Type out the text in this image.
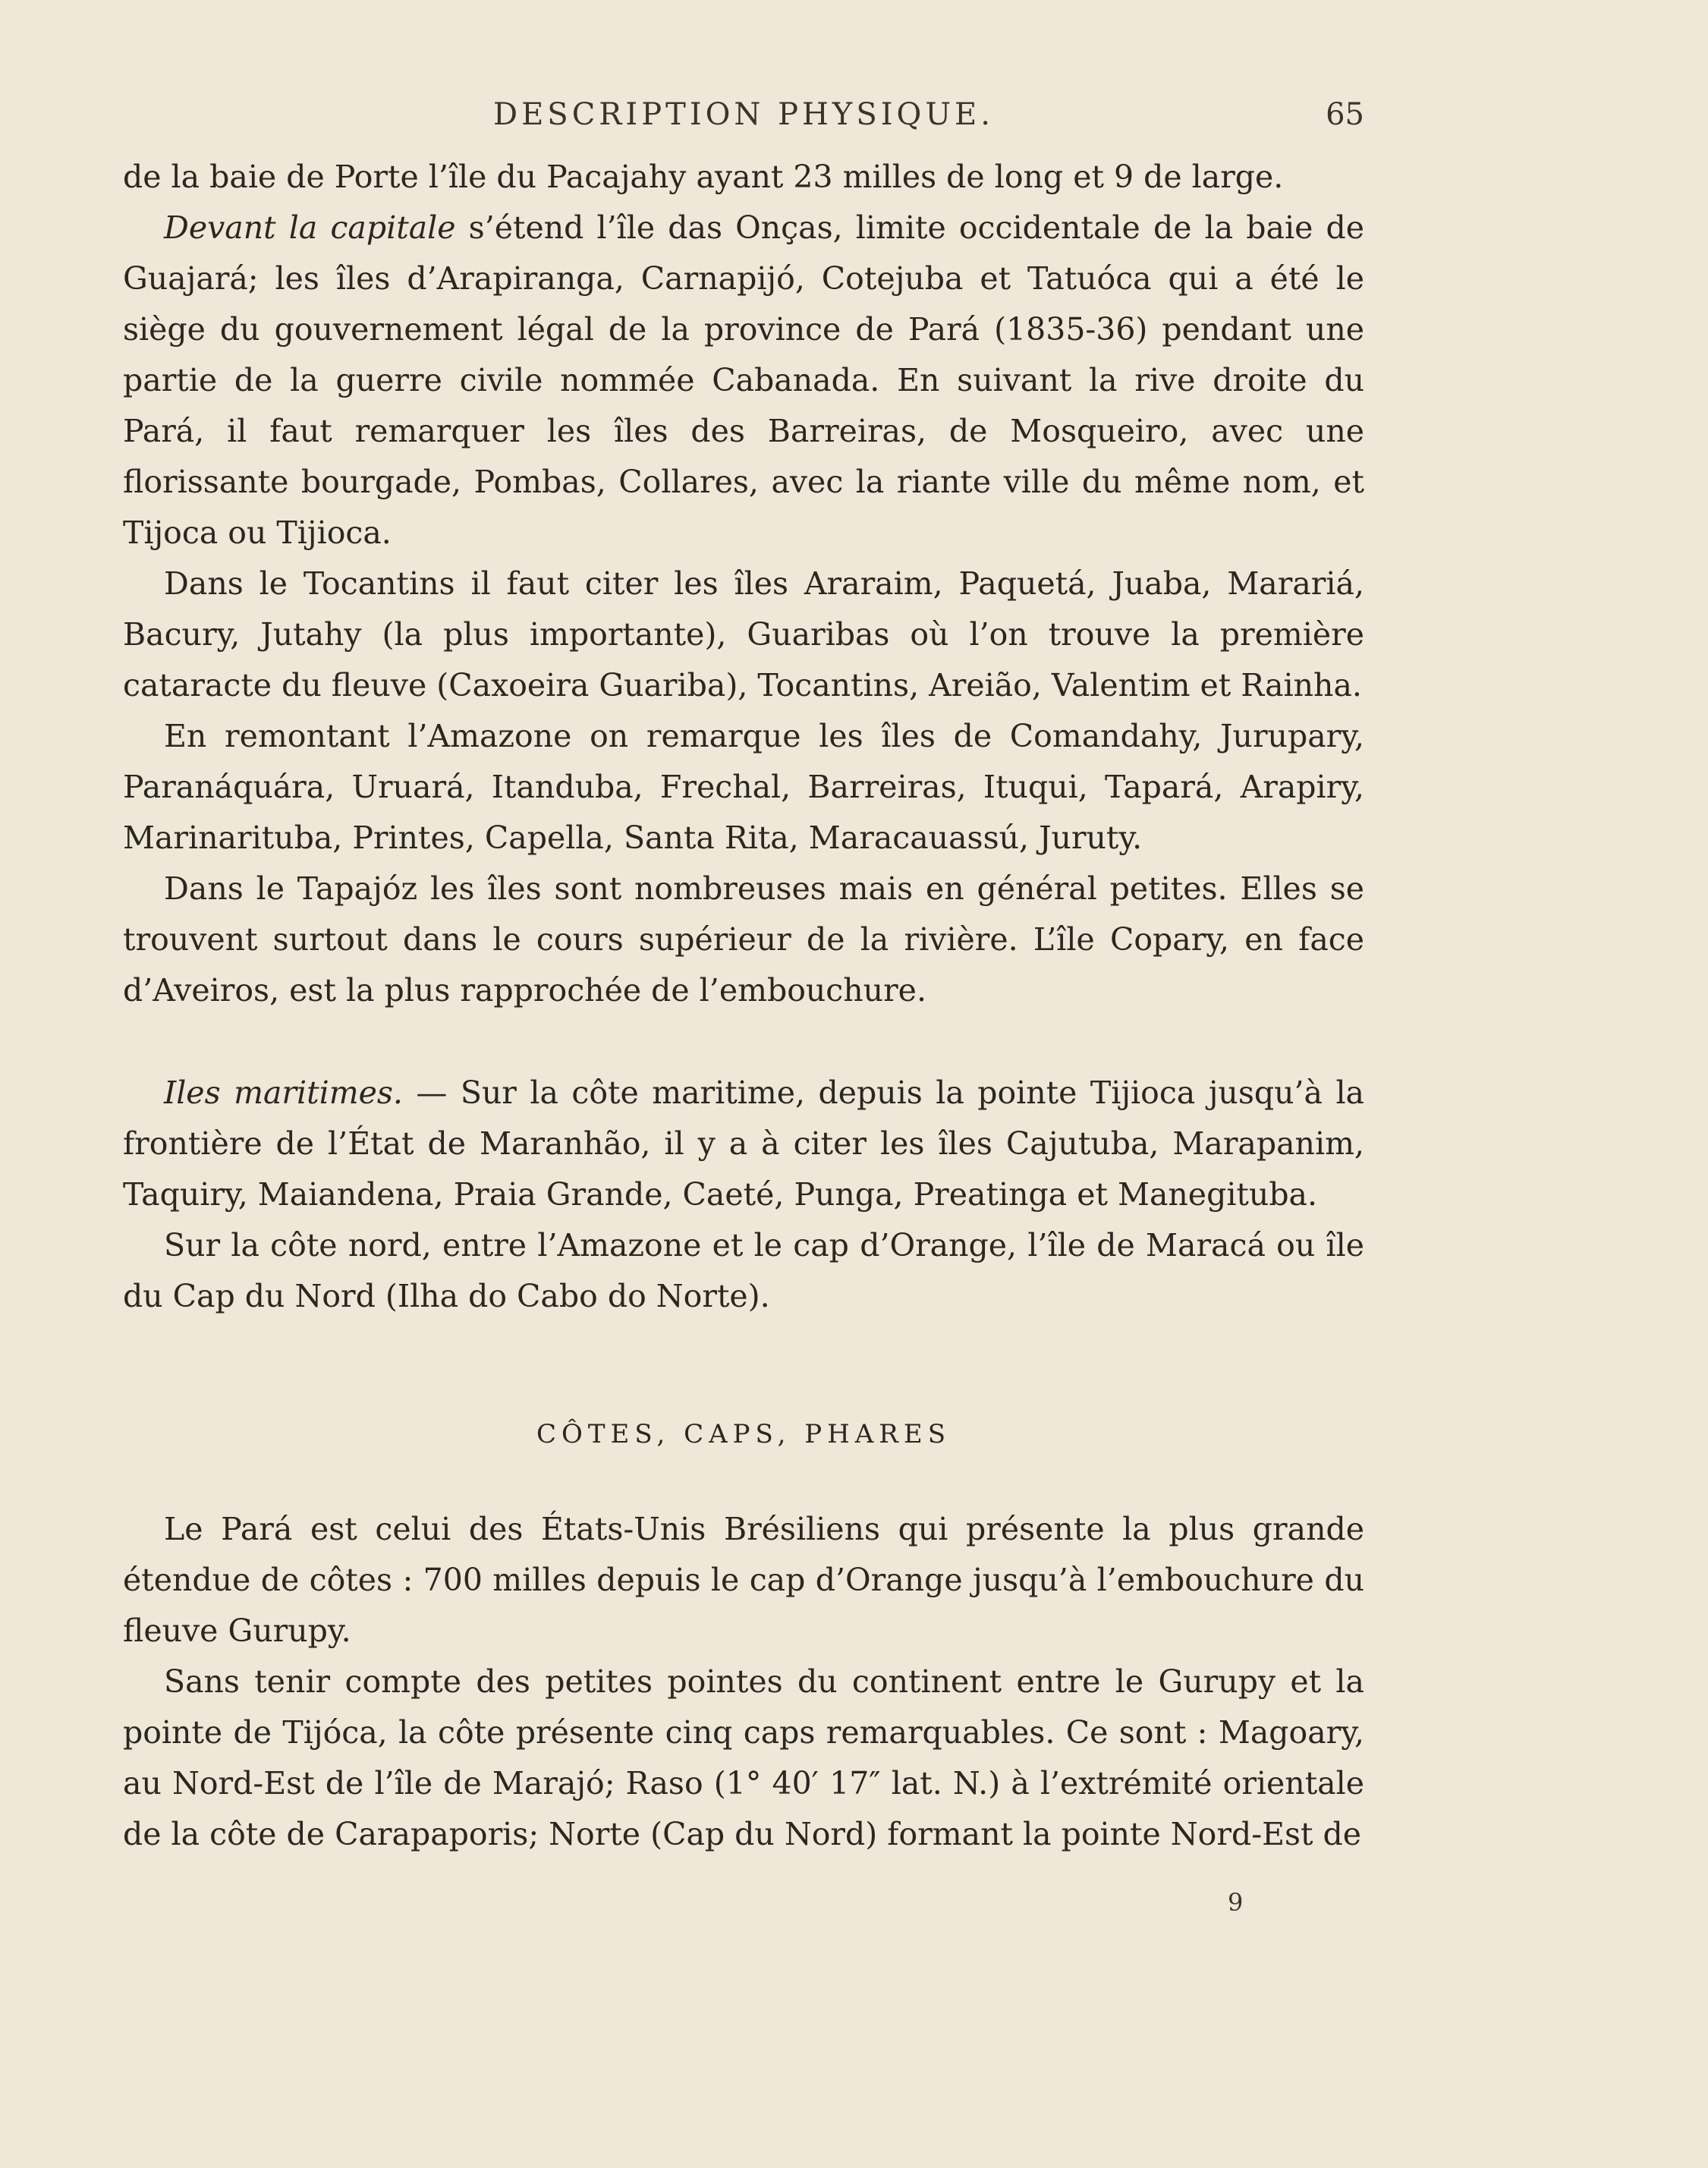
DESCRIPTION PHYSIQUE.	65

de la baie de Porte l’île du Pacajahy ayant 23 milles de long et 9 de large.

Devant la capitale s’étend l’île das Onças, limite occidentale de la baie de Guajará; les îles d’Arapiranga, Carnapijó, Cotejuba et Tatuóca qui a été le siège du gouvernement légal de la province de Pará (1835-36) pendant une partie de la guerre civile nommée Cabanada. En suivant la rive droite du Pará, il faut remarquer les îles des Barreiras, de Mosqueiro, avec une florissante bourgade, Pombas, Collares, avec la riante ville du même nom, et Tijoca ou Tijioca.

Dans le Tocantins il faut citer les îles Araraim, Paquetá, Juaba, Marariá, Bacury, Jutahy (la plus importante), Guaribas où l’on trouve la première cataracte du fleuve (Caxoeira Guariba), Tocantins, Areião, Valentim et Rainha.

En remontant l’Amazone on remarque les îles de Comandahy, Jurupary, Paranáquára, Uruará, Itanduba, Frechal, Barreiras, Ituqui, Tapará, Arapiry, Marinarituba, Printes, Capella, Santa Rita, Maracauassú, Juruty.

Dans le Tapajóz les îles sont nombreuses mais en général petites. Elles se trouvent surtout dans le cours supérieur de la rivière. L’île Copary, en face d’Aveiros, est la plus rapprochée de l’embouchure.

Iles maritimes. — Sur la côte maritime, depuis la pointe Tijioca jusqu’à la frontière de l’État de Maranhão, il y a à citer les îles Cajutuba, Marapanim, Taquiry, Maiandena, Praia Grande, Caeté, Punga, Preatinga et Manegituba.

Sur la côte nord, entre l’Amazone et le cap d’Orange, l’île de Maracá ou île du Cap du Nord (Ilha do Cabo do Norte).

CÔTES, CAPS, PHARES

Le Pará est celui des États-Unis Brésiliens qui présente la plus grande étendue de côtes : 700 milles depuis le cap d’Orange jusqu’à l’embouchure du fleuve Gurupy.

Sans tenir compte des petites pointes du continent entre le Gurupy et la pointe de Tijóca, la côte présente cinq caps remarquables. Ce sont : Magoary, au Nord-Est de l’île de Marajó; Raso (1° 40′ 17″ lat. N.) à l’extrémité orientale de la côte de Carapaporis; Norte (Cap du Nord) formant la pointe Nord-Est de

9
